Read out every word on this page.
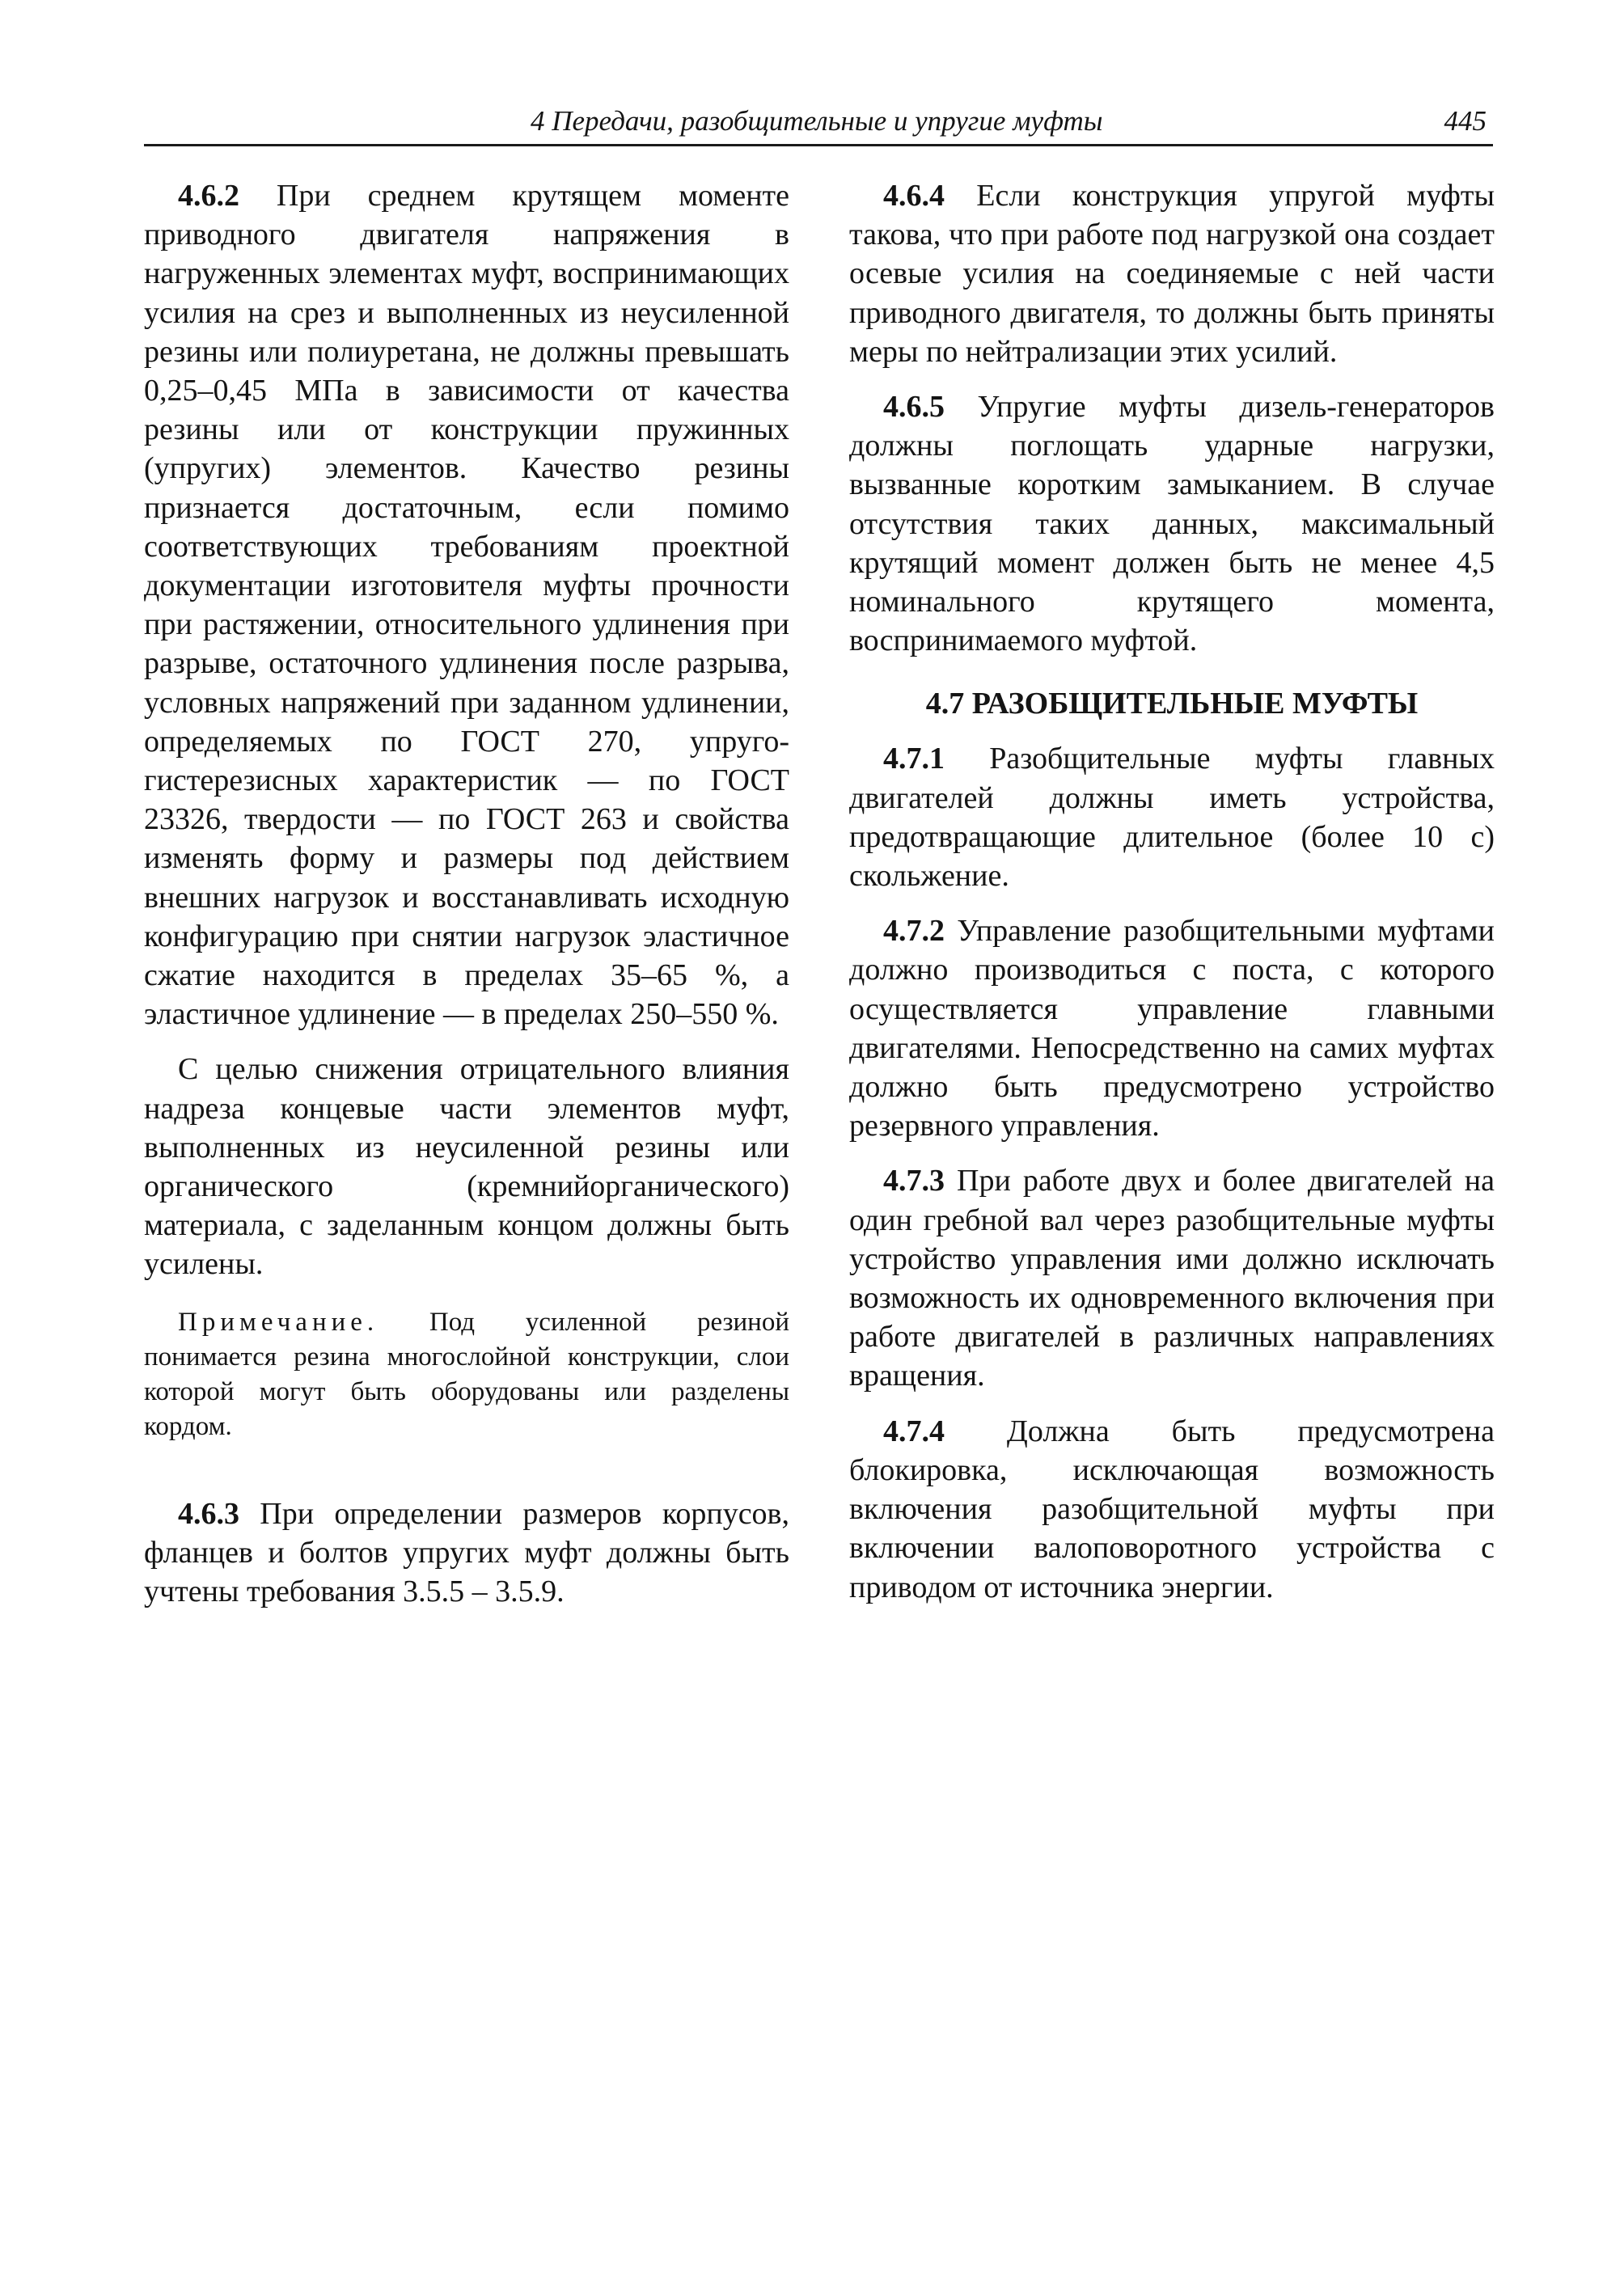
4 Передачи, разобщительные и упругие муфты	445

4.6.2 При среднем крутящем моменте приводного двигателя напряжения в нагруженных элементах муфт, воспринимающих усилия на срез и выполненных из неусиленной резины или полиуретана, не должны превышать 0,25–0,45 МПа в зависимости от качества резины или от конструкции пружинных (упругих) элементов. Качество резины признается достаточным, если помимо соответствующих требованиям проектной документации изготовителя муфты прочности при растяжении, относительного удлинения при разрыве, остаточного удлинения после разрыва, условных напряжений при заданном удлинении, определяемых по ГОСТ 270, упруго-гистерезисных характеристик — по ГОСТ 23326, твердости — по ГОСТ 263 и свойства изменять форму и размеры под действием внешних нагрузок и восстанавливать исходную конфигурацию при снятии нагрузок эластичное сжатие находится в пределах 35–65 %, а эластичное удлинение — в пределах 250–550 %.

С целью снижения отрицательного влияния надреза концевые части элементов муфт, выполненных из неусиленной резины или органического (кремнийорганического) материала, с заделанным концом должны быть усилены.

Примечание. Под усиленной резиной понимается резина многослойной конструкции, слои которой могут быть оборудованы или разделены кордом.

4.6.3 При определении размеров корпусов, фланцев и болтов упругих муфт должны быть учтены требования 3.5.5 – 3.5.9.

4.6.4 Если конструкция упругой муфты такова, что при работе под нагрузкой она создает осевые усилия на соединяемые с ней части приводного двигателя, то должны быть приняты меры по нейтрализации этих усилий.

4.6.5 Упругие муфты дизель-генераторов должны поглощать ударные нагрузки, вызванные коротким замыканием. В случае отсутствия таких данных, максимальный крутящий момент должен быть не менее 4,5 номинального крутящего момента, воспринимаемого муфтой.

4.7 РАЗОБЩИТЕЛЬНЫЕ МУФТЫ

4.7.1 Разобщительные муфты главных двигателей должны иметь устройства, предотвращающие длительное (более 10 с) скольжение.

4.7.2 Управление разобщительными муфтами должно производиться с поста, с которого осуществляется управление главными двигателями. Непосредственно на самих муфтах должно быть предусмотрено устройство резервного управления.

4.7.3 При работе двух и более двигателей на один гребной вал через разобщительные муфты устройство управления ими должно исключать возможность их одновременного включения при работе двигателей в различных направлениях вращения.

4.7.4 Должна быть предусмотрена блокировка, исключающая возможность включения разобщительной муфты при включении валоповоротного устройства с приводом от источника энергии.
